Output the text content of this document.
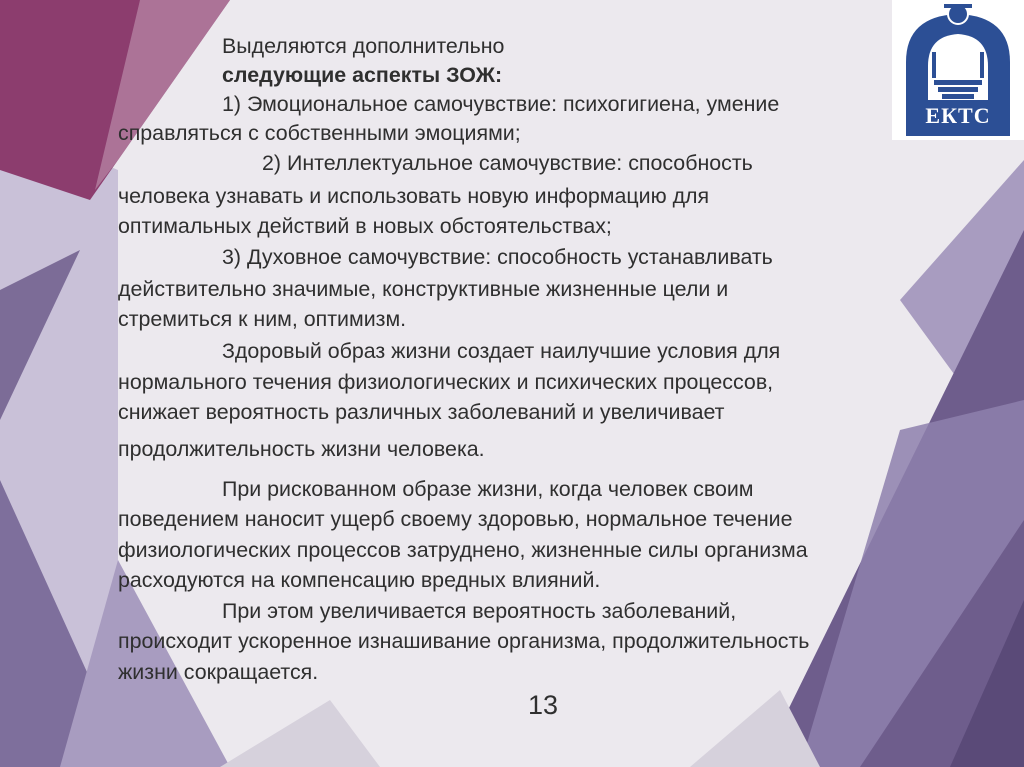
Выделяются дополнительно

следующие аспекты ЗОЖ:

1) Эмоциональное самочувствие: психогигиена, умение

справляться с собственными эмоциями;

2) Интеллектуальное самочувствие: способность

человека узнавать и использовать новую информацию для

оптимальных действий в новых обстоятельствах;

3) Духовное самочувствие: способность устанавливать

действительно значимые, конструктивные жизненные цели и

стремиться к ним, оптимизм.

Здоровый образ жизни создает наилучшие условия для

нормального течения физиологических и психических процессов,

снижает вероятность различных заболеваний и увеличивает

продолжительность жизни человека.

При рискованном образе жизни, когда человек своим

поведением наносит ущерб своему здоровью, нормальное течение

физиологических процессов затруднено, жизненные силы организма

расходуются на компенсацию вредных влияний.

При этом увеличивается вероятность заболеваний,

происходит ускоренное изнашивание организма, продолжительность

жизни сокращается.

13
ЕКТС
